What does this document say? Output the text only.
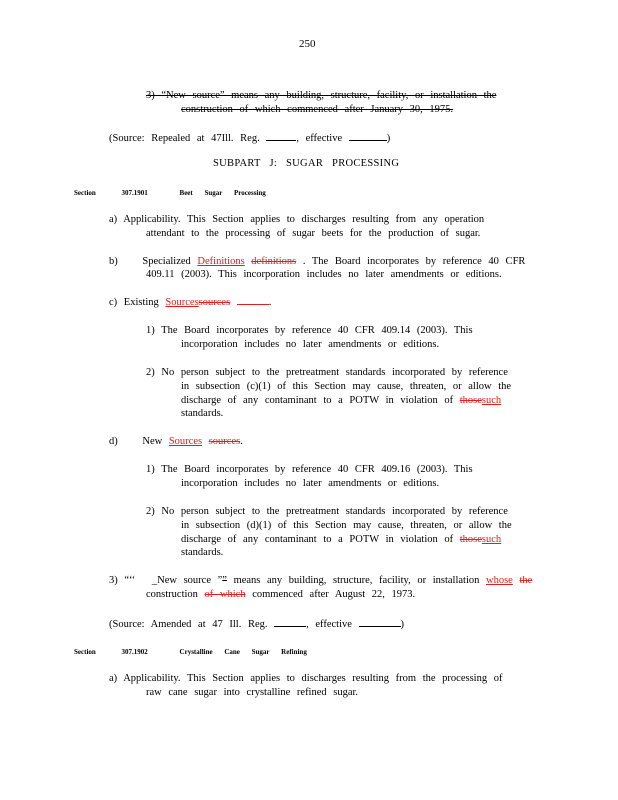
250
3) “New source” means any building, structure, facility, or installation the
construction of which commenced after January 30, 1975.
(Source: Repealed at 47Ill. Reg.	, effective	)
SUBPART J: SUGAR PROCESSING
Section	307.1901	Beet Sugar Processing
a) Applicability. This Section applies to discharges resulting from any operation
attendant to the processing of sugar beets for the production of sugar.
b) Specialized Definitions definitions . The Board incorporates by reference 40 CFR
409.11 (2003). This incorporation includes no later amendments or editions.
c) Existing Sourcessources	.
1) The Board incorporates by reference 40 CFR 409.14 (2003). This
incorporation includes no later amendments or editions.
2) No person subject to the pretreatment standards incorporated by reference
in subsection (c)(1) of this Section may cause, threaten, or allow the
discharge of any contaminant to a POTW in violation of thosesuch
standards.
d) New Sources sources.
1) The Board incorporates by reference 40 CFR 409.16 (2003). This
incorporation includes no later amendments or editions.
2) No person subject to the pretreatment standards incorporated by reference
in subsection (d)(1) of this Section may cause, threaten, or allow the
discharge of any contaminant to a POTW in violation of thosesuch
standards.
3) “‘‘ _New source ”” means any building, structure, facility, or installation whose the
construction of which commenced after August 22, 1973.
(Source: Amended at 47 Ill. Reg.	, effective	)
Section	307.1902	Crystalline Cane Sugar Refining
a) Applicability. This Section applies to discharges resulting from the processing of
raw cane sugar into crystalline refined sugar.
